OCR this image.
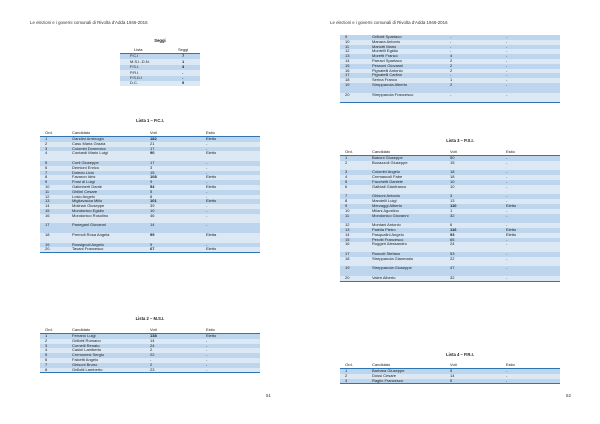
Le elezioni e i governi comunali di Rivolta d'Adda 1946-2016
Seggi
Lista	Seggi
P.C.I	7
M.S.I.-D.N.	1
P.S.I.	3
P.R.I.	-
P.S.D.I	-
D.C.	9
Lista 1 – P.C.I.
Ord.	Candidato	Voti	Esito
1	Gandini Ambrogio	182	Eletto
2	Casu Maria Grazia	21	-
3	Colombi Domenico	17	-
4	Contardi Mario Luigi	90	Eletto
5	Corti Giuseppe	17	-
6	Demioni Enrico	3	-
7	Doledo Livio	15	-
8	Favaron Idris	108	Eletto
9	Frosi di Luigi	9	-
10	Galimberti Dante	54	Eletto
11	Ghilini Cesare	5	-
12	Losio Angelo	8	-
13	Migliavacca Milio	101	Eletto
14	Molinari Giuseppe	39	-
15	Mondonico Egidio	10	-
16	Mondonico Rosolino	46	-
17	Paneganl Giovanni	14	-
18	Premoli Rosa Angela	99	Eletta
19	Rossignoli Angelo	9	-
20	Tavani Francesco	67	Eletto
Lista 2 – M.S.I.
Ord.	Candidato	Voti	Esito
1	Ferrario Luigi	138	Eletto
2	Grillotti Romano	14	-
3	Cornelli Renato	24	-
4	Casini Lamberto	2	-
5	Cremonesi Sergio	22	-
6	Falcetti Angelo	-	-
7	Ghisoni Bruno	2	-
8	Grillotti Lamberto	23	-
51
Le elezioni e i governi comunali di Rivolta d'Adda 1946-2016
9	Grillotti Spartaco	-	-
10	Manara Antonio	-	-
11	Mariotti Mario	-	-
12	Montelli Egidio	-	-
13	Moretti Franco	4	-
14	Parravi Spartaco	2	-
15	Pessoni Giovanni	2	-
16	Pignatelli Antonio	2	-
17	Pignatelli Carlino	-	-
18	Serina Franco	1	-
19	Streppanola Alberto	2	-
20	Streppanola Francesco	-	-
Lista 3 – P.S.I.
Ord.	Candidato	Voti	Esito
1	Baboni Giuseppe	50	-
2	Bonazzoli Giuseppe	15	-
3	Colombi Angelo	18	-
4	Cremascoli Fabe	18	-
5	Facchetti Daniele	10	-
6	Galbiati Gianfranco	10	-
7	Ghisoni Antonio	3	-
8	Mandelli Luigi	13	-
9	Merzaggi Alberto	110	Eletto
10	Milani Agostino	1	-
11	Mondonico Giovanni	32	-
12	Montani Antonio	6	-
13	Paiella Pietro	116	Eletto
14	Pasqualini Angelo	93	Eletto
15	Perotti Francesco	65	-
16	Ruggeri Alessandro	24	-
17	Ruscoti Stefano	53	-
18	Streppanola Gianmario	22	-
19	Streppanola Giuseppe	47	-
20	Valeri Alberto	32	-
Lista 4 – P.R.I.
Ord.	Candidato	Voti	Esito
1	Barbara Giuseppe	5	-
2	Dossi Cesare	14	-
3	Raglio Francesco	5	-
52
